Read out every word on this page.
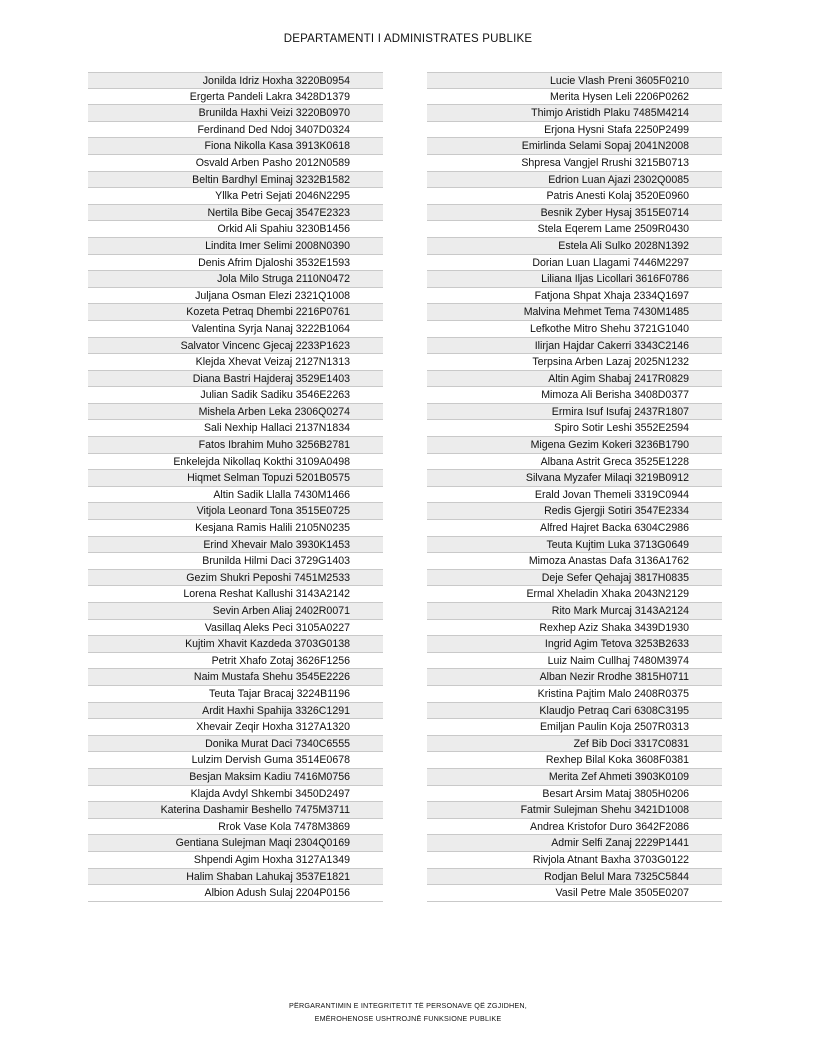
DEPARTAMENTI I ADMINISTRATES PUBLIKE
Jonilda Idriz Hoxha 3220B0954
Ergerta Pandeli Lakra 3428D1379
Brunilda Haxhi Veizi 3220B0970
Ferdinand Ded Ndoj 3407D0324
Fiona Nikolla Kasa 3913K0618
Osvald Arben Pasho 2012N0589
Beltin Bardhyl Eminaj 3232B1582
Yllka Petri Sejati 2046N2295
Nertila Bibe Gecaj 3547E2323
Orkid Ali Spahiu 3230B1456
Lindita Imer Selimi 2008N0390
Denis Afrim Djaloshi 3532E1593
Jola Milo Struga 2110N0472
Juljana Osman Elezi 2321Q1008
Kozeta Petraq Dhembi 2216P0761
Valentina Syrja Nanaj 3222B1064
Salvator Vincenc Gjecaj 2233P1623
Klejda Xhevat Veizaj 2127N1313
Diana Bastri Hajderaj 3529E1403
Julian Sadik Sadiku 3546E2263
Mishela Arben Leka 2306Q0274
Sali Nexhip Hallaci 2137N1834
Fatos Ibrahim Muho 3256B2781
Enkelejda Nikollaq Kokthi 3109A0498
Hiqmet Selman Topuzi 5201B0575
Altin Sadik Llalla 7430M1466
Vitjola Leonard Tona 3515E0725
Kesjana Ramis Halili 2105N0235
Erind Xhevair Malo 3930K1453
Brunilda Hilmi Daci 3729G1403
Gezim Shukri Peposhi 7451M2533
Lorena Reshat Kallushi 3143A2142
Sevin Arben Aliaj 2402R0071
Vasillaq Aleks Peci 3105A0227
Kujtim Xhavit Kazdeda 3703G0138
Petrit Xhafo Zotaj 3626F1256
Naim Mustafa Shehu 3545E2226
Teuta Tajar Bracaj 3224B1196
Ardit Haxhi Spahija 3326C1291
Xhevair Zeqir Hoxha 3127A1320
Donika Murat Daci 7340C6555
Lulzim Dervish Guma 3514E0678
Besjan Maksim Kadiu 7416M0756
Klajda Avdyl Shkembi 3450D2497
Katerina Dashamir Beshello 7475M3711
Rrok Vase Kola 7478M3869
Gentiana Sulejman Maqi 2304Q0169
Shpendi Agim Hoxha 3127A1349
Halim Shaban Lahukaj 3537E1821
Albion Adush Sulaj 2204P0156
Lucie Vlash Preni 3605F0210
Merita Hysen Leli 2206P0262
Thimjo Aristidh Plaku 7485M4214
Erjona Hysni Stafa 2250P2499
Emirlinda Selami Sopaj 2041N2008
Shpresa Vangjel Rrushi 3215B0713
Edrion Luan Ajazi 2302Q0085
Patris Anesti Kolaj 3520E0960
Besnik Zyber Hysaj 3515E0714
Stela Eqerem Lame 2509R0430
Estela Ali Sulko 2028N1392
Dorian Luan Llagami 7446M2297
Liliana Iljas Licollari 3616F0786
Fatjona Shpat Xhaja 2334Q1697
Malvina Mehmet Tema 7430M1485
Lefkothe Mitro Shehu 3721G1040
Ilirjan Hajdar Cakerri 3343C2146
Terpsina Arben Lazaj 2025N1232
Altin Agim Shabaj 2417R0829
Mimoza Ali Berisha 3408D0377
Ermira Isuf Isufaj 2437R1807
Spiro Sotir Leshi 3552E2594
Migena Gezim Kokeri 3236B1790
Albana Astrit Greca 3525E1228
Silvana Myzafer Milaqi 3219B0912
Erald Jovan Themeli 3319C0944
Redis Gjergji Sotiri 3547E2334
Alfred Hajret Backa 6304C2986
Teuta Kujtim Luka 3713G0649
Mimoza Anastas Dafa 3136A1762
Deje Sefer Qehajaj 3817H0835
Ermal Xheladin Xhaka 2043N2129
Rito Mark Murcaj 3143A2124
Rexhep Aziz Shaka 3439D1930
Ingrid Agim Tetova 3253B2633
Luiz Naim Cullhaj 7480M3974
Alban Nezir Rrodhe 3815H0711
Kristina Pajtim Malo 2408R0375
Klaudjo Petraq Cari 6308C3195
Emiljan Paulin Koja 2507R0313
Zef Bib Doci 3317C0831
Rexhep Bilal Koka 3608F0381
Merita Zef Ahmeti 3903K0109
Besart Arsim Mataj 3805H0206
Fatmir Sulejman Shehu 3421D1008
Andrea Kristofor Duro 3642F2086
Admir Selfi Zanaj 2229P1441
Rivjola Atnant Baxha 3703G0122
Rodjan Belul Mara 7325C5844
Vasil Petre Male 3505E0207
PËRGARANTIMIN E INTEGRITETIT TË PERSONAVE QË ZGJIDHEN,
EMËROHENOSE USHTROJNË FUNKSIONE PUBLIKE
